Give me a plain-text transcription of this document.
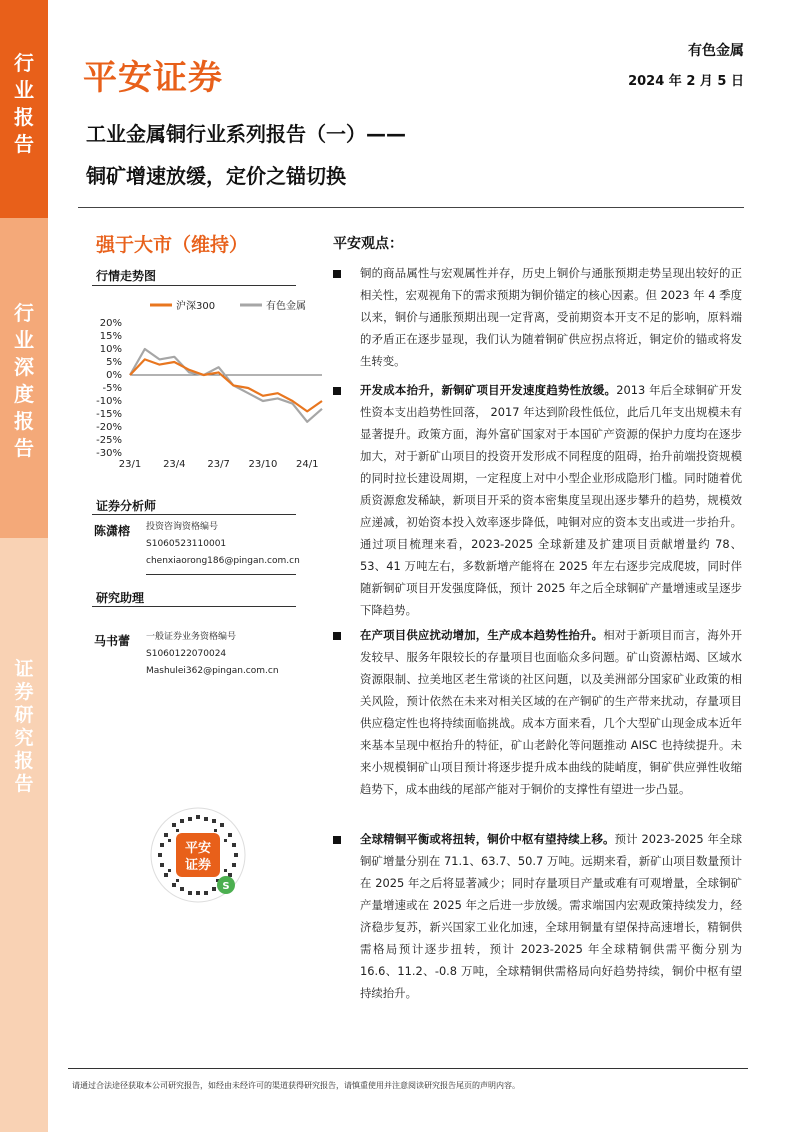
行业报告
行业深度报告
证券研究报告
平安证券
有色金属
2024 年 2 月 5 日
工业金属铜行业系列报告（一）——
铜矿增速放缓，定价之锚切换
强于大市（维持）
行情走势图
20%
15%
10%
5%
0%
-5%
-10%
-15%
-20%
-25%
-30%
23/1 23/4 23/7 23/10 24/1
沪深300	有色金属
证券分析师
陈潇榕 投资咨询资格编号
S1060523110001
chenxiaorong186@pingan.com.cn
研究助理
马书蕾 一般证券业务资格编号
S1060122070024
Mashulei362@pingan.com.cn
平安
证券
S
平安观点：
铜的商品属性与宏观属性并存，历史上铜价与通胀预期走势呈现出较好的正相关性，宏观视角下的需求预期为铜价锚定的核心因素。但 2023 年 4 季度以来，铜价与通胀预期出现一定背离，受前期资本开支不足的影响，原料端的矛盾正在逐步显现，我们认为随着铜矿供应拐点将近，铜定价的锚或将发生转变。
开发成本抬升，新铜矿项目开发速度趋势性放缓。2013 年后全球铜矿开发性资本支出趋势性回落， 2017 年达到阶段性低位，此后几年支出规模未有显著提升。政策方面，海外富矿国家对于本国矿产资源的保护力度均在逐步加大，对于新矿山项目的投资开发形成不同程度的阻碍，抬升前端投资规模的同时拉长建设周期，一定程度上对中小型企业形成隐形门槛。同时随着优质资源愈发稀缺，新项目开采的资本密集度呈现出逐步攀升的趋势，规模效应递减，初始资本投入效率逐步降低，吨铜对应的资本支出或进一步抬升。通过项目梳理来看，2023-2025 全球新建及扩建项目贡献增量约 78、53、41 万吨左右，多数新增产能将在 2025 年左右逐步完成爬坡，同时伴随新铜矿项目开发强度降低，预计 2025 年之后全球铜矿产量增速或呈逐步下降趋势。
在产项目供应扰动增加，生产成本趋势性抬升。相对于新项目而言，海外开发较早、服务年限较长的存量项目也面临众多问题。矿山资源枯竭、区域水资源限制、拉美地区老生常谈的社区问题，以及美洲部分国家矿业政策的相关风险，预计依然在未来对相关区域的在产铜矿的生产带来扰动，存量项目供应稳定性也将持续面临挑战。成本方面来看，几个大型矿山现金成本近年来基本呈现中枢抬升的特征，矿山老龄化等问题推动 AISC 也持续提升。未来小规模铜矿山项目预计将逐步提升成本曲线的陡峭度，铜矿供应弹性收缩趋势下，成本曲线的尾部产能对于铜价的支撑性有望进一步凸显。
全球精铜平衡或将扭转，铜价中枢有望持续上移。预计 2023-2025 年全球铜矿增量分别在 71.1、63.7、50.7 万吨。远期来看，新矿山项目数量预计在 2025 年之后将显著减少；同时存量项目产量或难有可观增量，全球铜矿产量增速或在 2025 年之后进一步放缓。需求端国内宏观政策持续发力，经济稳步复苏，新兴国家工业化加速，全球用铜量有望保持高速增长，精铜供需格局预计逐步扭转，预计 2023-2025 年全球精铜供需平衡分别为 16.6、11.2、-0.8 万吨，全球精铜供需格局向好趋势持续，铜价中枢有望持续抬升。
请通过合法途径获取本公司研究报告，如经由未经许可的渠道获得研究报告，请慎重使用并注意阅读研究报告尾页的声明内容。
